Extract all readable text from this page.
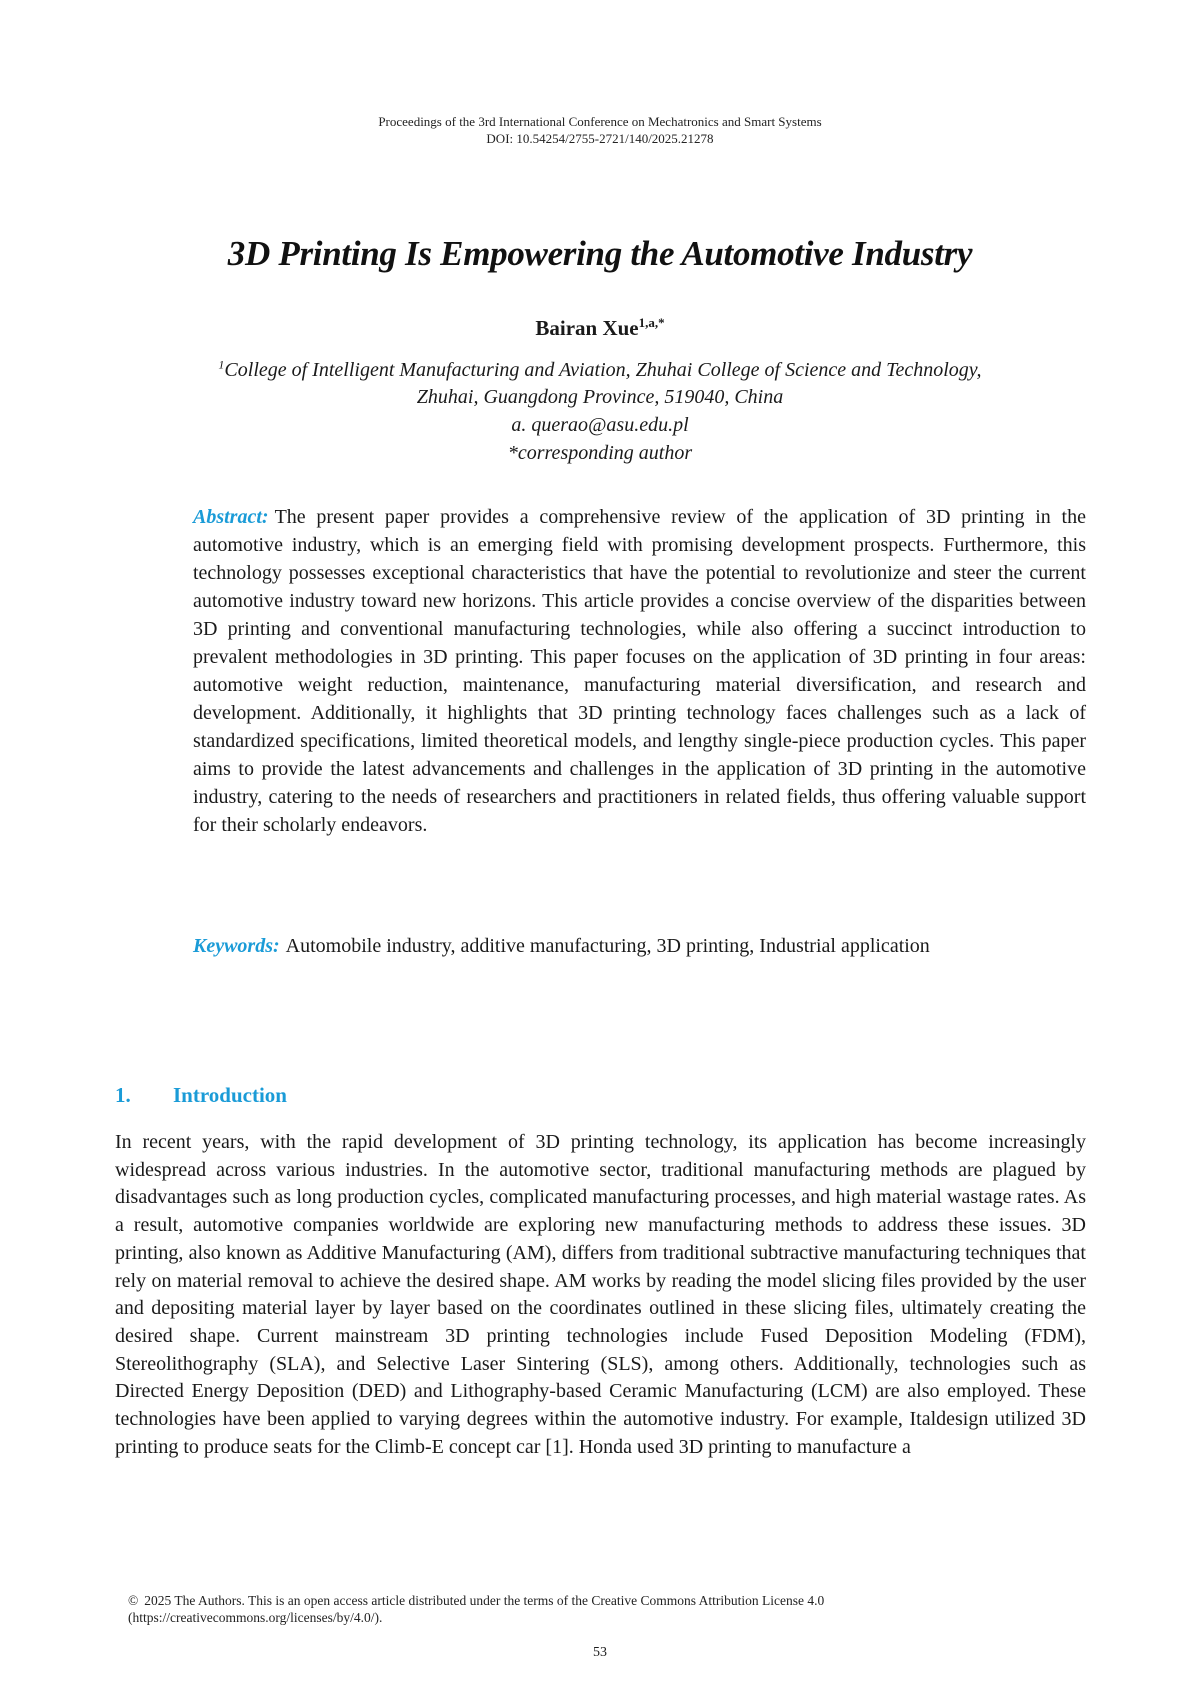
Proceedings of the 3rd International Conference on Mechatronics and Smart Systems
DOI: 10.54254/2755-2721/140/2025.21278
3D Printing Is Empowering the Automotive Industry
Bairan Xue$^{1,a,*}$
$^1$College of Intelligent Manufacturing and Aviation, Zhuhai College of Science and Technology,
Zhuhai, Guangdong Province, 519040, China
a. querao@asu.edu.pl
*corresponding author
Abstract: The present paper provides a comprehensive review of the application of 3D printing in the automotive industry, which is an emerging field with promising development prospects. Furthermore, this technology possesses exceptional characteristics that have the potential to revolutionize and steer the current automotive industry toward new horizons. This article provides a concise overview of the disparities between 3D printing and conventional manufacturing technologies, while also offering a succinct introduction to prevalent methodologies in 3D printing. This paper focuses on the application of 3D printing in four areas: automotive weight reduction, maintenance, manufacturing material diversification, and research and development. Additionally, it highlights that 3D printing technology faces challenges such as a lack of standardized specifications, limited theoretical models, and lengthy single-piece production cycles. This paper aims to provide the latest advancements and challenges in the application of 3D printing in the automotive industry, catering to the needs of researchers and practitioners in related fields, thus offering valuable support for their scholarly endeavors.
Keywords: Automobile industry, additive manufacturing, 3D printing, Industrial application
1. Introduction
In recent years, with the rapid development of 3D printing technology, its application has become increasingly widespread across various industries. In the automotive sector, traditional manufacturing methods are plagued by disadvantages such as long production cycles, complicated manufacturing processes, and high material wastage rates. As a result, automotive companies worldwide are exploring new manufacturing methods to address these issues. 3D printing, also known as Additive Manufacturing (AM), differs from traditional subtractive manufacturing techniques that rely on material removal to achieve the desired shape. AM works by reading the model slicing files provided by the user and depositing material layer by layer based on the coordinates outlined in these slicing files, ultimately creating the desired shape. Current mainstream 3D printing technologies include Fused Deposition Modeling (FDM), Stereolithography (SLA), and Selective Laser Sintering (SLS), among others. Additionally, technologies such as Directed Energy Deposition (DED) and Lithography-based Ceramic Manufacturing (LCM) are also employed. These technologies have been applied to varying degrees within the automotive industry. For example, Italdesign utilized 3D printing to produce seats for the Climb-E concept car [1]. Honda used 3D printing to manufacture a
© 2025 The Authors. This is an open access article distributed under the terms of the Creative Commons Attribution License 4.0
(https://creativecommons.org/licenses/by/4.0/).
53
